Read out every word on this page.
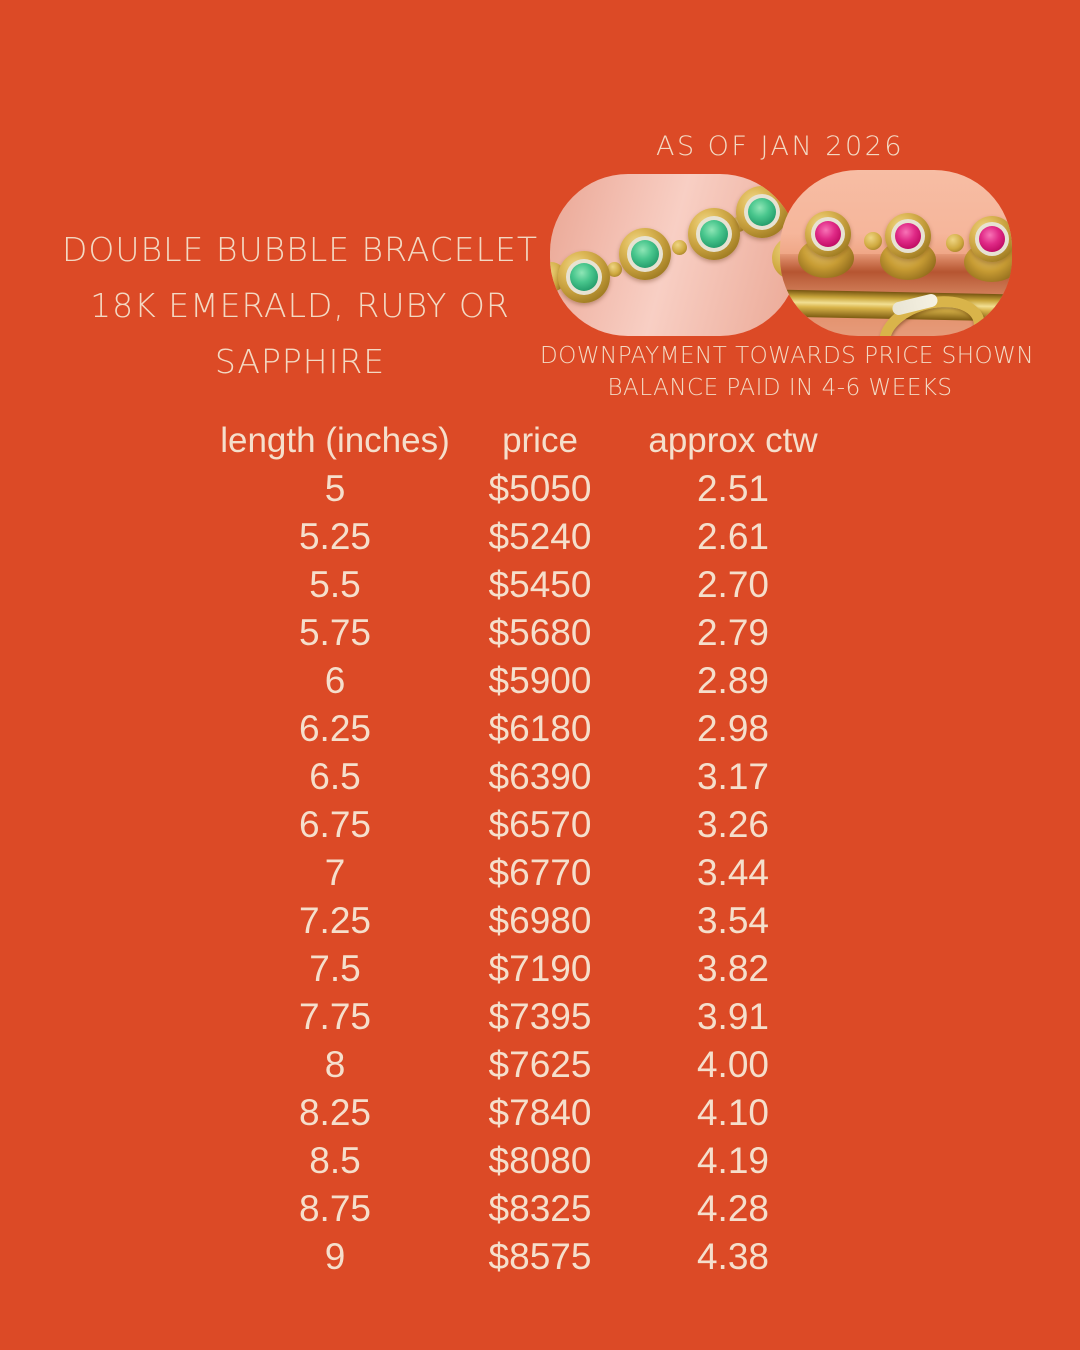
AS OF JAN 2026
DOUBLE BUBBLE BRACELET
18K EMERALD, RUBY OR
SAPPHIRE	DOWNPAYMENT TOWARDS PRICE SHOWN
BALANCE PAID IN 4-6 WEEKS
length (inches)	price	approx ctw
5	$5050	2.51
5.25	$5240	2.61
5.5	$5450	2.70
5.75	$5680	2.79
6	$5900	2.89
6.25	$6180	2.98
6.5	$6390	3.17
6.75	$6570	3.26
7	$6770	3.44
7.25	$6980	3.54
7.5	$7190	3.82
7.75	$7395	3.91
8	$7625	4.00
8.25	$7840	4.10
8.5	$8080	4.19
8.75	$8325	4.28
9	$8575	4.38
